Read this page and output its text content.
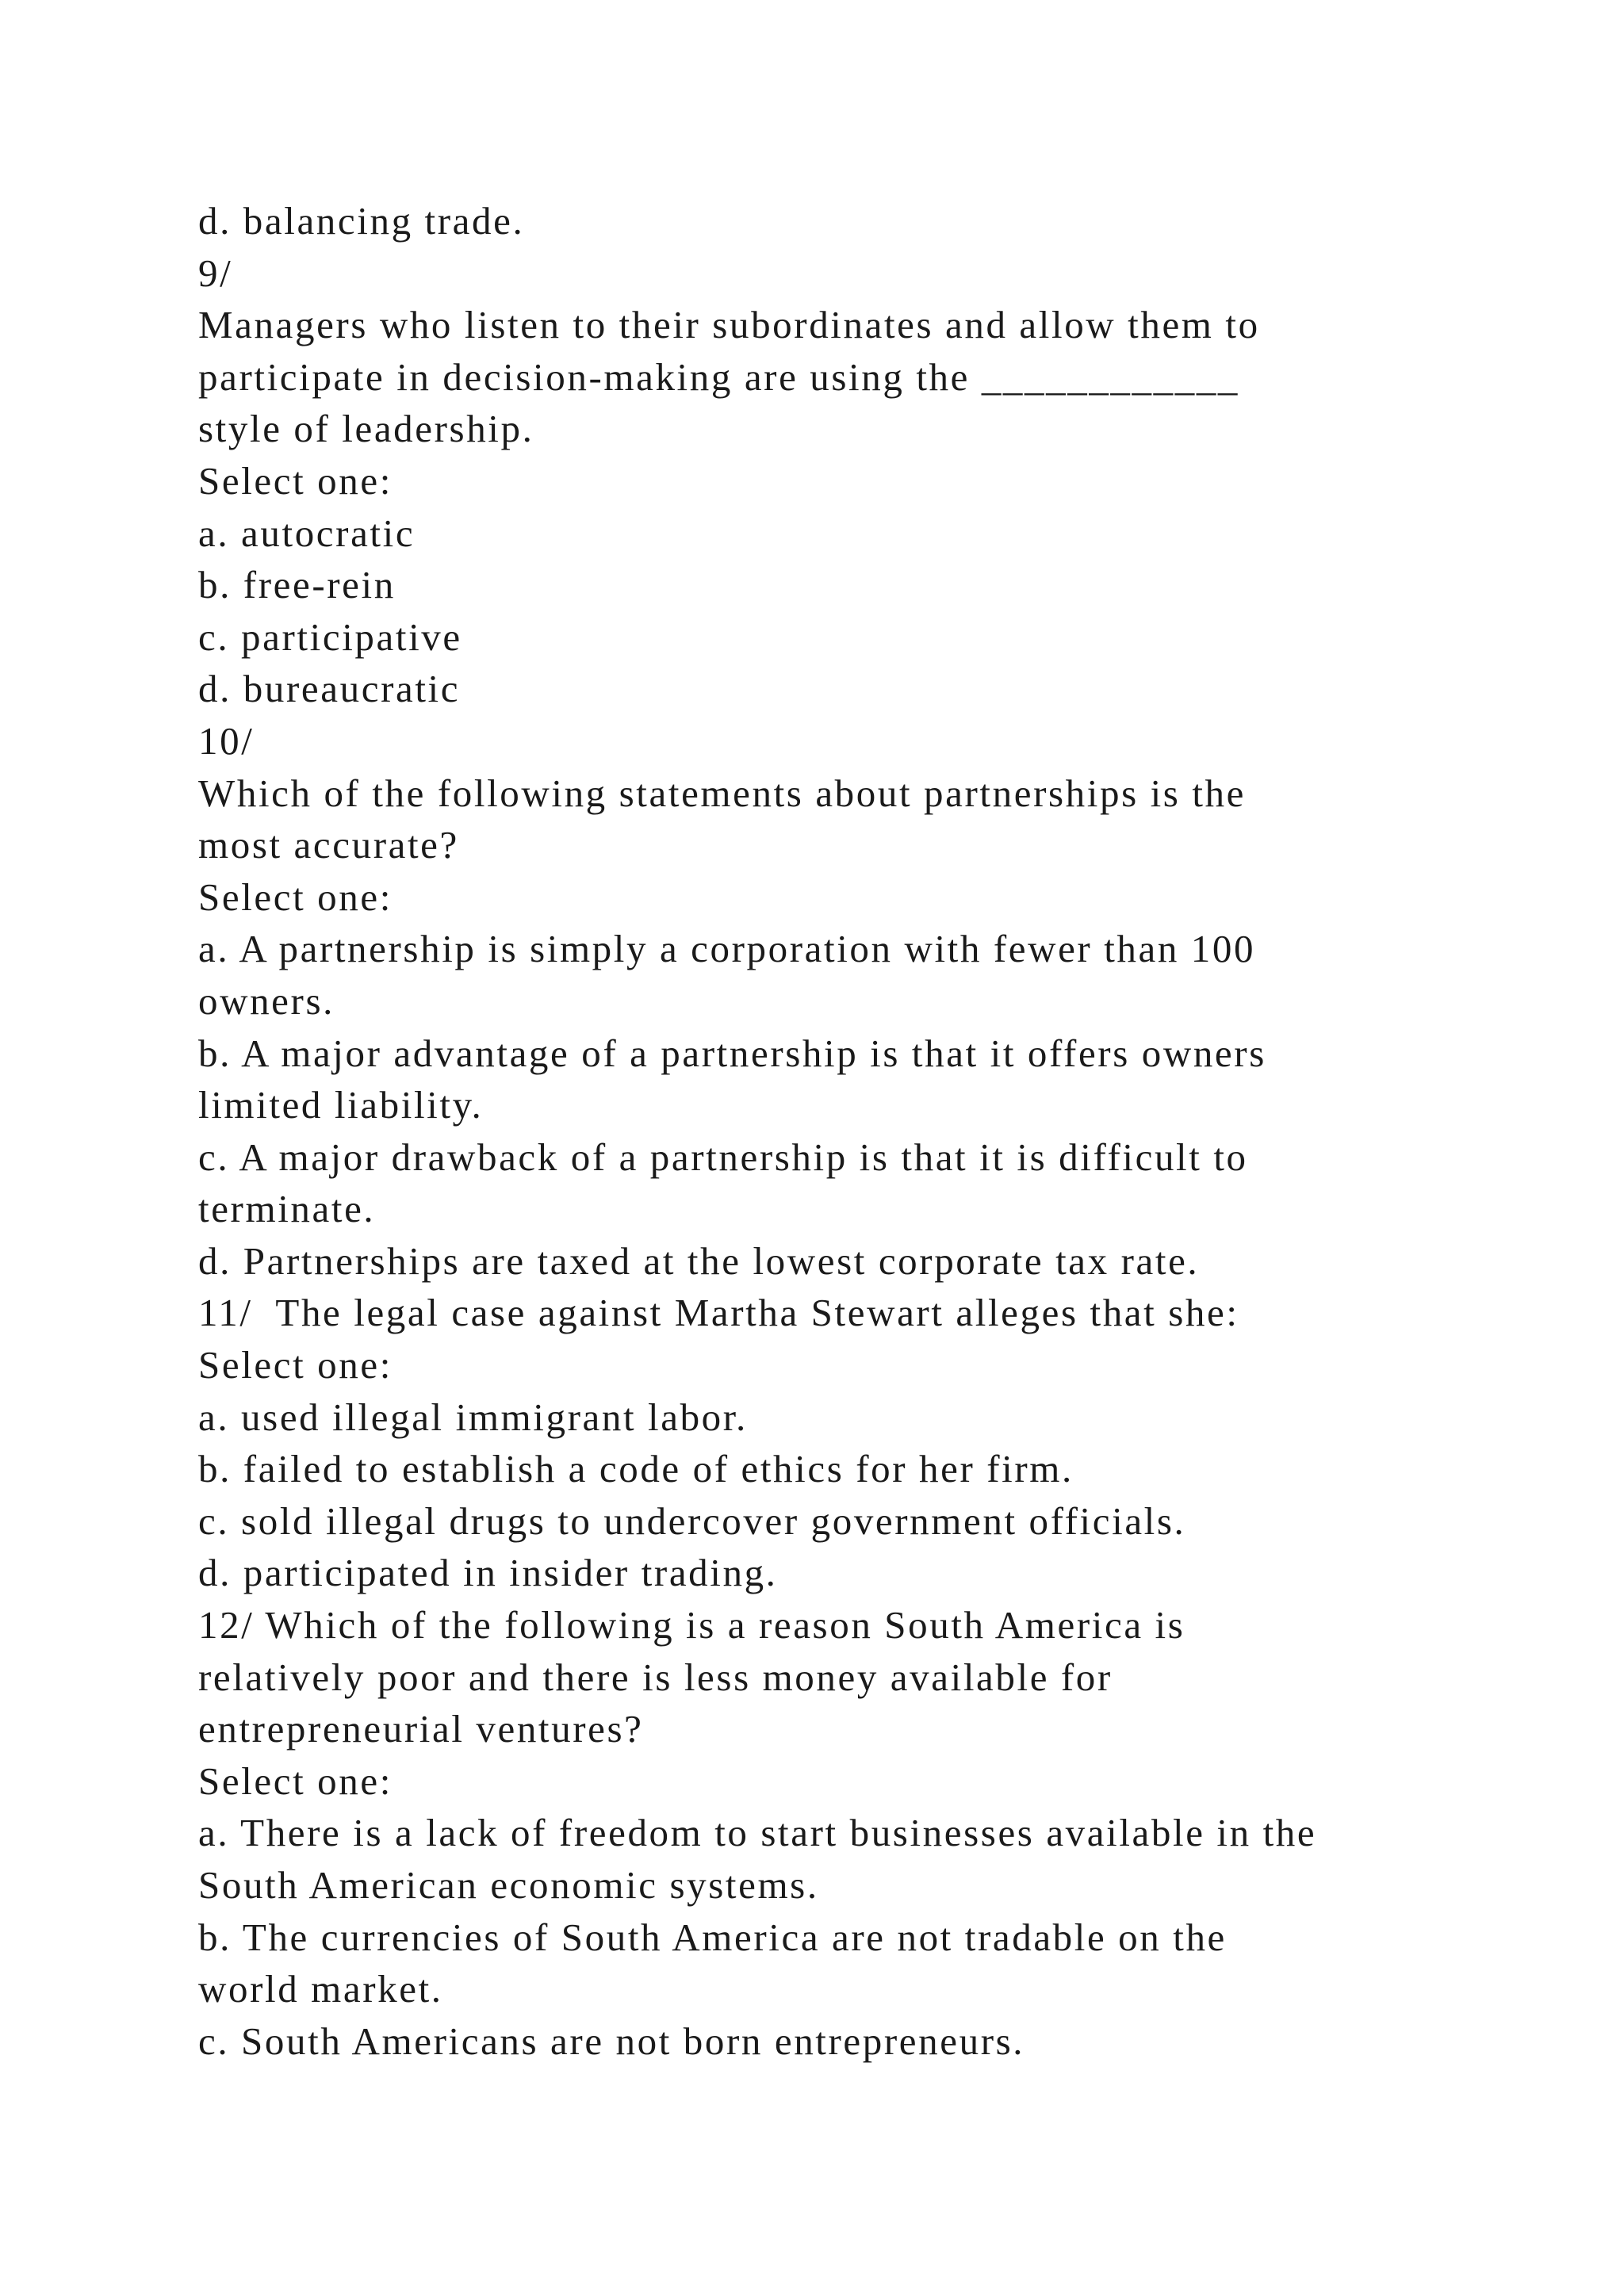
d. balancing trade.
9/
Managers who listen to their subordinates and allow them to
participate in decision-making are using the ____________
style of leadership.
Select one:
a. autocratic
b. free-rein
c. participative
d. bureaucratic
10/
Which of the following statements about partnerships is the
most accurate?
Select one:
a. A partnership is simply a corporation with fewer than 100
owners.
b. A major advantage of a partnership is that it offers owners
limited liability.
c. A major drawback of a partnership is that it is difficult to
terminate.
d. Partnerships are taxed at the lowest corporate tax rate.
11/  The legal case against Martha Stewart alleges that she:
Select one:
a. used illegal immigrant labor.
b. failed to establish a code of ethics for her firm.
c. sold illegal drugs to undercover government officials.
d. participated in insider trading.
12/ Which of the following is a reason South America is
relatively poor and there is less money available for
entrepreneurial ventures?
Select one:
a. There is a lack of freedom to start businesses available in the
South American economic systems.
b. The currencies of South America are not tradable on the
world market.
c. South Americans are not born entrepreneurs.
